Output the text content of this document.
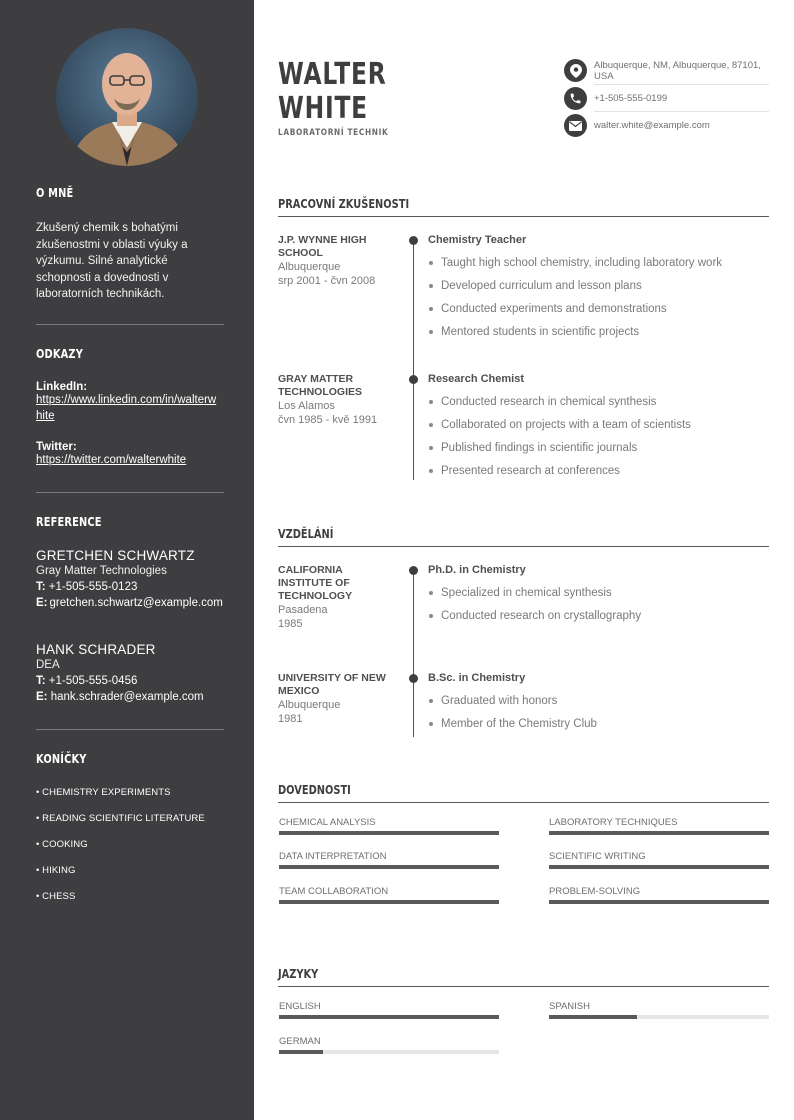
O MNĚ
Zkušený chemik s bohatými zkušenostmi v oblasti výuky a výzkumu. Silné analytické schopnosti a dovednosti v laboratorních technikách.
ODKAZY
LinkedIn:
https://www.linkedin.com/in/walterwhite
Twitter:
https://twitter.com/walterwhite
REFERENCE
GRETCHEN SCHWARTZ
Gray Matter Technologies
T: +1-505-555-0123
E: gretchen.schwartz@example.com
HANK SCHRADER
DEA
T: +1-505-555-0456
E: hank.schrader@example.com
KONÍČKY
• CHEMISTRY EXPERIMENTS
• READING SCIENTIFIC LITERATURE
• COOKING
• HIKING
• CHESS
WALTER
WHITE
LABORATORNÍ TECHNIK
Albuquerque, NM, Albuquerque, 87101, USA
+1-505-555-0199
walter.white@example.com
PRACOVNÍ ZKUŠENOSTI
J.P. WYNNE HIGH SCHOOL
Albuquerque
srp 2001 - čvn 2008
Chemistry Teacher
Taught high school chemistry, including laboratory work
Developed curriculum and lesson plans
Conducted experiments and demonstrations
Mentored students in scientific projects
GRAY MATTER TECHNOLOGIES
Los Alamos
čvn 1985 - kvě 1991
Research Chemist
Conducted research in chemical synthesis
Collaborated on projects with a team of scientists
Published findings in scientific journals
Presented research at conferences
VZDĚLÁNÍ
CALIFORNIA INSTITUTE OF TECHNOLOGY
Pasadena
1985
Ph.D. in Chemistry
Specialized in chemical synthesis
Conducted research on crystallography
UNIVERSITY OF NEW MEXICO
Albuquerque
1981
B.Sc. in Chemistry
Graduated with honors
Member of the Chemistry Club
DOVEDNOSTI
CHEMICAL ANALYSIS	LABORATORY TECHNIQUES
DATA INTERPRETATION	SCIENTIFIC WRITING
TEAM COLLABORATION	PROBLEM-SOLVING
JAZYKY
ENGLISH	SPANISH
GERMAN
